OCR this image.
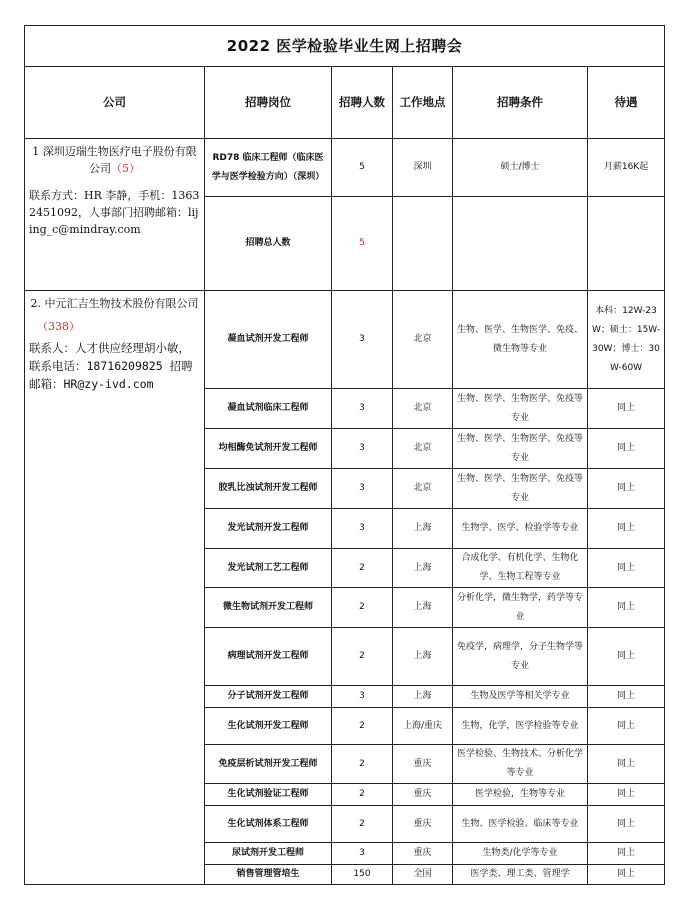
2022 医学检验毕业生网上招聘会					
公司	招聘岗位	招聘人数	工作地点	招聘条件	待遇

1 深圳迈瑞生物医疗电子股份有限公司（5）
联系方式：HR 李静，手机：13632451092，人事部门招聘邮箱：lijing_c@mindray.com	RD78 临床工程师（临床医学与医学检验方向）（深圳）	5	深圳	硕士/博士	月薪16K起
	招聘总人数	5			

2. 中元汇吉生物技术股份有限公司
（338）
联系人：人才供应经理胡小敏，联系电话：18716209825 招聘邮箱：HR@zy-ivd.com	凝血试剂开发工程师	3	北京	生物、医学、生物医学、免疫、微生物等专业	本科：12W-23W；硕士：15W-30W；博士：30W-60W
	凝血试剂临床工程师	3	北京	生物、医学、生物医学、免疫等专业	同上
	均相酶免试剂开发工程师	3	北京	生物、医学、生物医学、免疫等专业	同上
	胶乳比浊试剂开发工程师	3	北京	生物、医学、生物医学、免疫等专业	同上
	发光试剂开发工程师	3	上海	生物学、医学、检验学等专业	同上
	发光试剂工艺工程师	2	上海	合成化学、有机化学、生物化学、生物工程等专业	同上
	微生物试剂开发工程师	2	上海	分析化学，微生物学，药学等专业	同上
	病理试剂开发工程师	2	上海	免疫学，病理学，分子生物学等专业	同上
	分子试剂开发工程师	3	上海	生物及医学等相关学专业	同上
	生化试剂开发工程师	2	上海/重庆	生物，化学，医学检验等专业	同上
	免疫层析试剂开发工程师	2	重庆	医学检验、生物技术、分析化学等专业	同上
	生化试剂验证工程师	2	重庆	医学检验，生物等专业	同上
	生化试剂体系工程师	2	重庆	生物、医学检验、临床等专业	同上
	尿试剂开发工程师	3	重庆	生物类/化学等专业	同上
	销售管理管培生	150	全国	医学类、理工类、管理学	同上
